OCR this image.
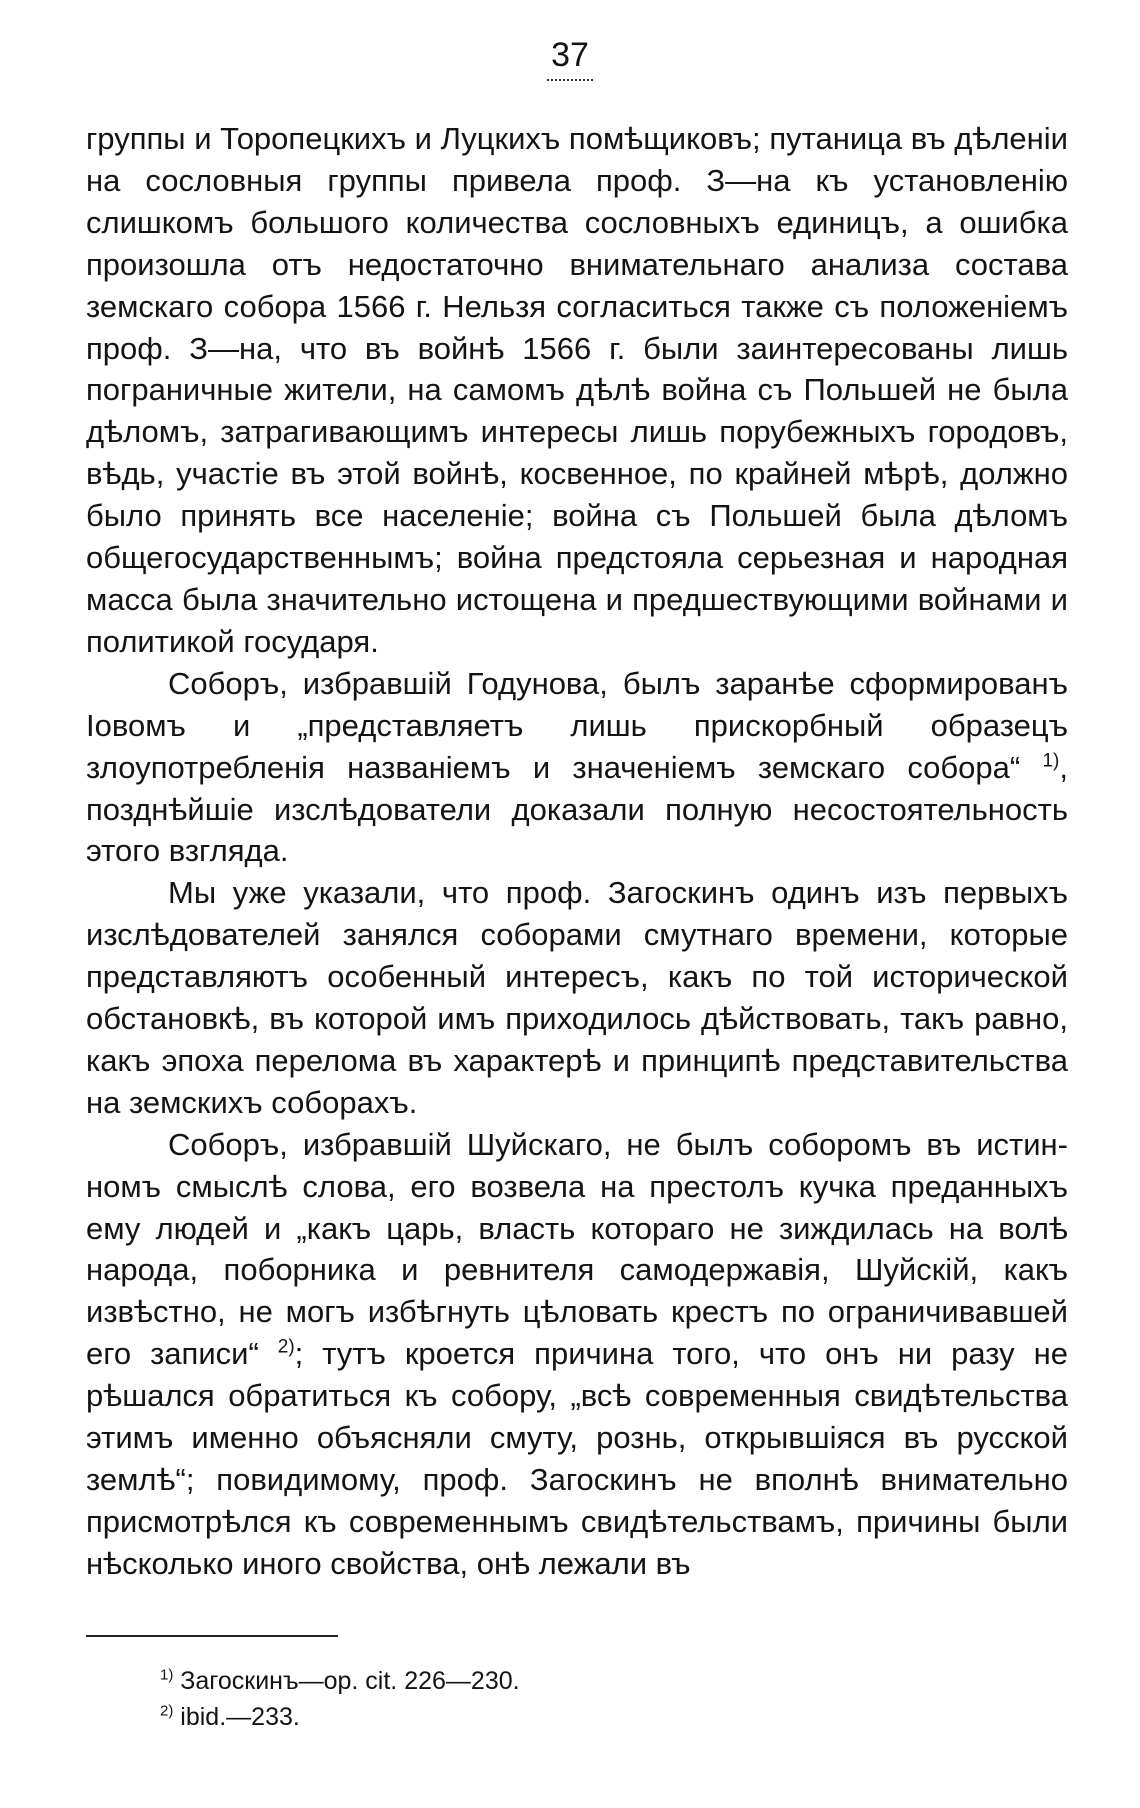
37

группы и Торопецкихъ и Луцкихъ помѣщиковъ; путаница въ дѣленіи на сословныя группы привела проф. З—на къ установленію слишкомъ большого количества сословныхъ единицъ, а ошибка произошла отъ недостаточно внимательнаго анализа состава земскаго собора 1566 г. Нельзя согласиться также съ положеніемъ проф. З—на, что въ войнѣ 1566 г. были заинтересованы лишь пограничные жители, на самомъ дѣлѣ война съ Польшей не была дѣломъ, затрагивающимъ интересы лишь порубежныхъ городовъ, вѣдь, участіе въ этой войнѣ, косвенное, по крайней мѣрѣ, должно было принять все населеніе; война съ Польшей была дѣломъ общегосударственнымъ; война предстояла серьезная и народная масса была значительно истощена и предшествующими войнами и политикой государя.

Соборъ, избравшій Годунова, былъ заранѣе сформированъ Іовомъ и „представляетъ лишь прискорбный образецъ злоупотребленія названіемъ и значеніемъ земскаго собора“ $^{1)}$, позднѣйшіе изслѣдователи доказали полную несостоятельность этого взгляда.

Мы уже указали, что проф. Загоскинъ одинъ изъ первыхъ изслѣдователей занялся соборами смутнаго времени, которые представляютъ особенный интересъ, какъ по той исторической обстановкѣ, въ которой имъ приходилось дѣйствовать, такъ равно, какъ эпоха перелома въ характерѣ и принципѣ представительства на земскихъ соборахъ.

Соборъ, избравшій Шуйскаго, не былъ соборомъ въ истинномъ смыслѣ слова, его возвела на престолъ кучка преданныхъ ему людей и „какъ царь, власть котораго не зиждилась на волѣ народа, поборника и ревнителя самодержавія, Шуйскій, какъ извѣстно, не могъ избѣгнуть цѣловать крестъ по ограничивавшей его записи“ $^{2)}$; тутъ кроется причина того, что онъ ни разу не рѣшался обратиться къ собору, „всѣ современныя свидѣтельства этимъ именно объясняли смуту, рознь, открывшіяся въ русской землѣ“; повидимому, проф. Загоскинъ не вполнѣ внимательно присмотрѣлся къ современнымъ свидѣтельствамъ, причины были нѣсколько иного свойства, онѣ лежали въ

$^{1)}$ Загоскинъ—op. cit. 226—230.
$^{2)}$ ibid.—233.
